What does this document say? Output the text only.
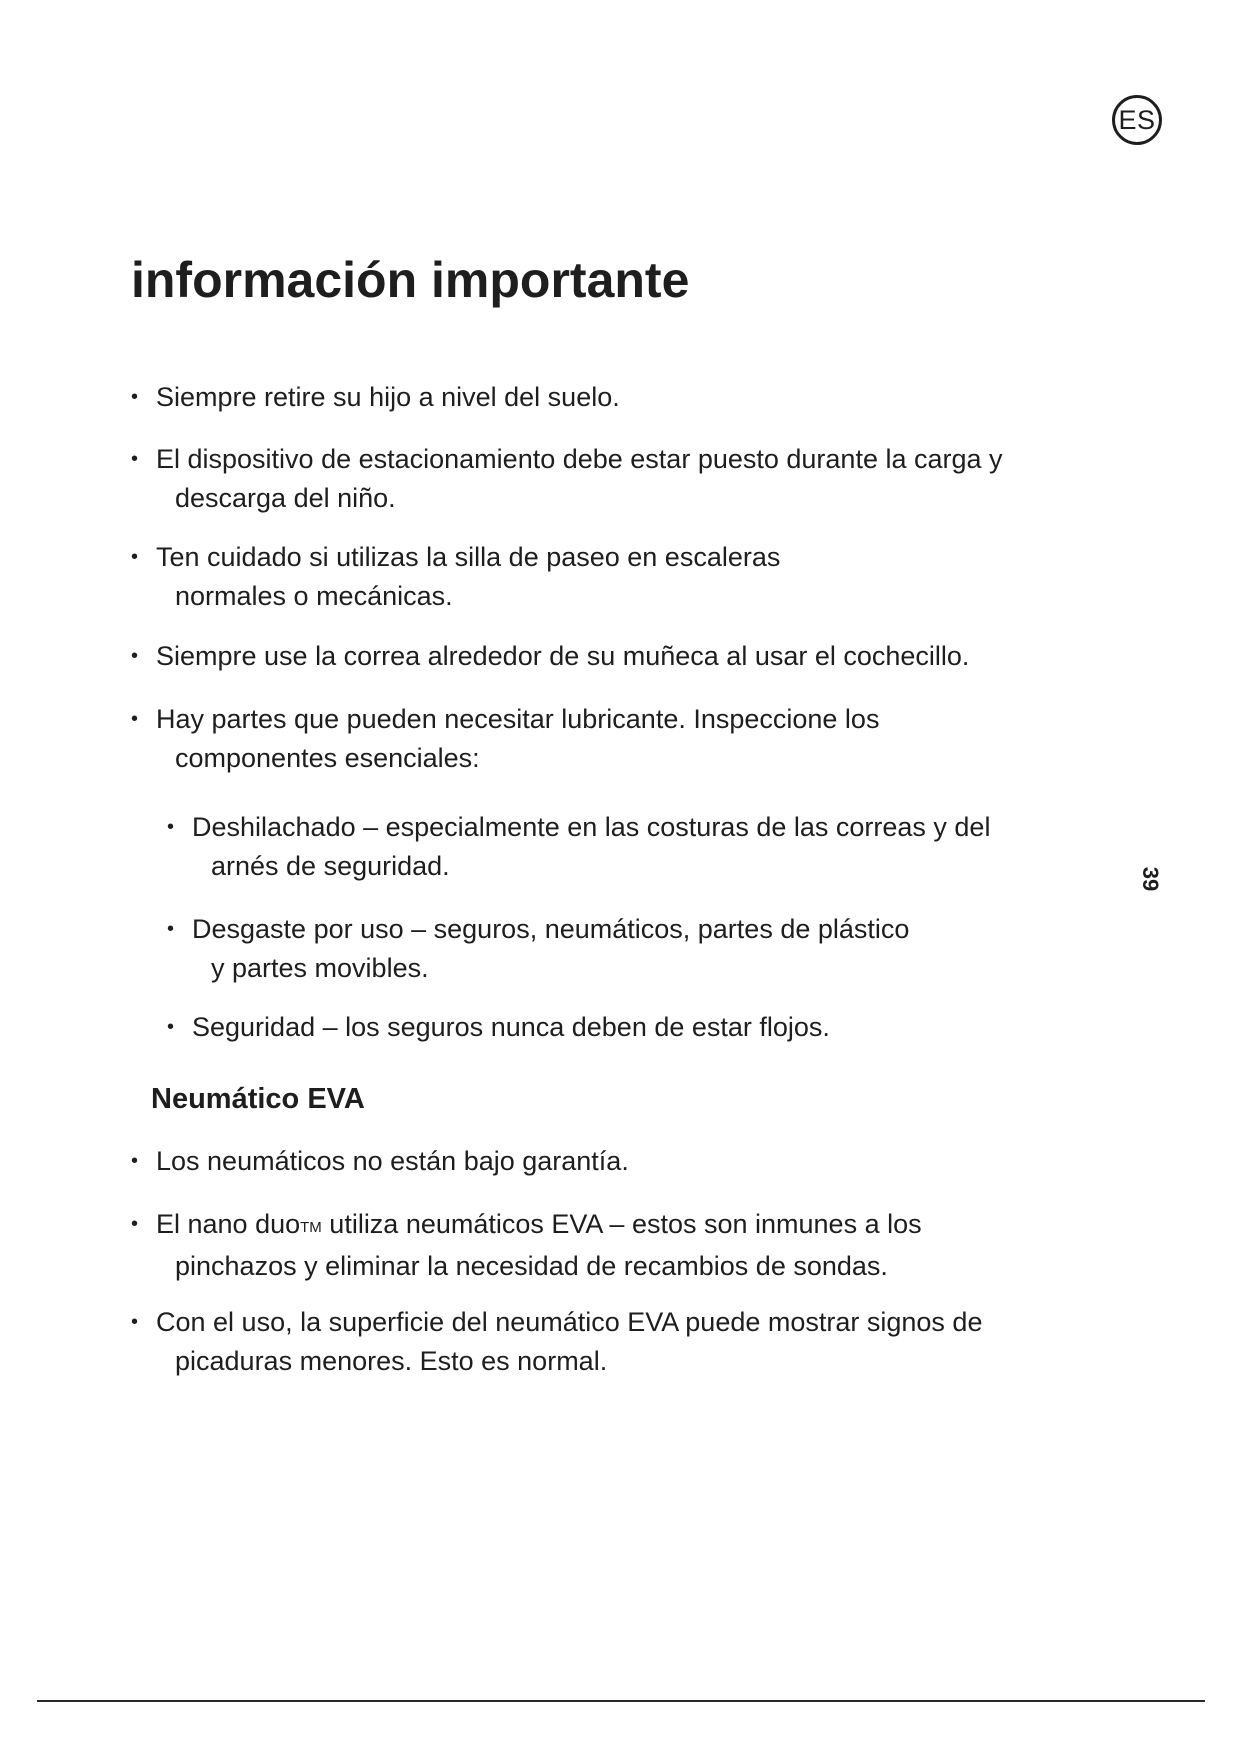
ES
información importante
• Siempre retire su hijo a nivel del suelo.
• El dispositivo de estacionamiento debe estar puesto durante la carga y
descarga del niño.
• Ten cuidado si utilizas la silla de paseo en escaleras
normales o mecánicas.
• Siempre use la correa alrededor de su muñeca al usar el cochecillo.
• Hay partes que pueden necesitar lubricante. Inspeccione los
componentes esenciales:
• Deshilachado – especialmente en las costuras de las correas y del
arnés de seguridad.
• Desgaste por uso – seguros, neumáticos, partes de plástico
y partes movibles.
• Seguridad – los seguros nunca deben de estar flojos.
Neumático EVA
• Los neumáticos no están bajo garantía.
• El nano duoTM utiliza neumáticos EVA – estos son inmunes a los
pinchazos y eliminar la necesidad de recambios de sondas.
• Con el uso, la superficie del neumático EVA puede mostrar signos de
picaduras menores. Esto es normal.
39
